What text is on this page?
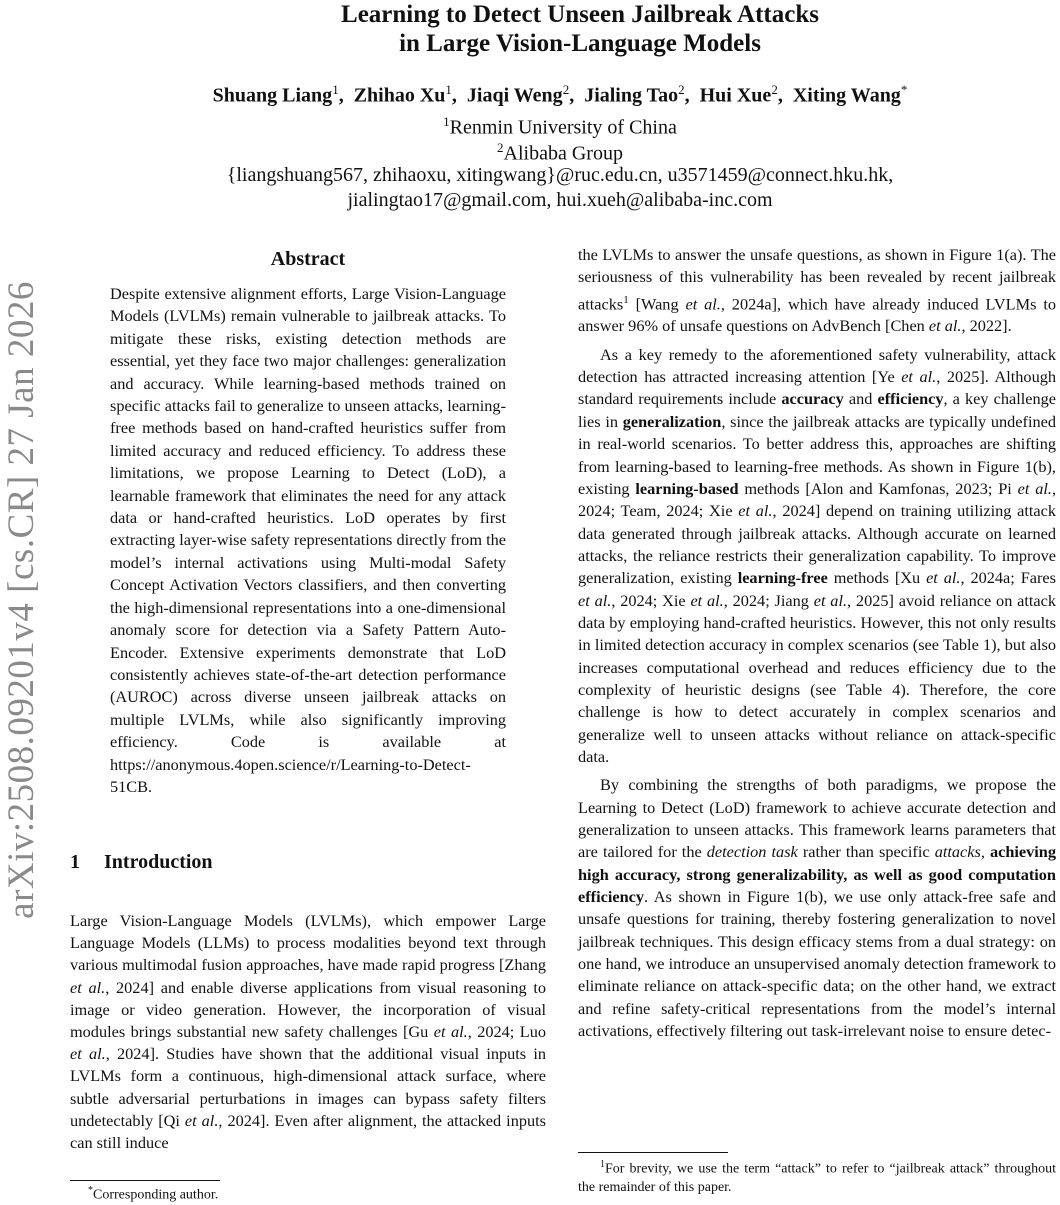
arXiv:2508.09201v4 [cs.CR] 27 Jan 2026
Learning to Detect Unseen Jailbreak Attacks
in Large Vision-Language Models
Shuang Liang$^1$,  Zhihao Xu$^1$,  Jiaqi Weng$^2$,  Jialing Tao$^2$,  Hui Xue$^2$,  Xiting Wang*
$^1$Renmin University of China
$^2$Alibaba Group
{liangshuang567, zhihaoxu, xitingwang}@ruc.edu.cn, u3571459@connect.hku.hk,
jialingtao17@gmail.com, hui.xueh@alibaba-inc.com
Abstract

Despite extensive alignment efforts, Large Vision-Language Models (LVLMs) remain vulnerable to jailbreak attacks. To mitigate these risks, existing detection methods are essential, yet they face two major challenges: generalization and accuracy. While learning-based methods trained on specific attacks fail to generalize to unseen attacks, learning-free methods based on hand-crafted heuristics suffer from limited accuracy and reduced efficiency. To address these limitations, we propose Learning to Detect (LoD), a learnable framework that eliminates the need for any attack data or hand-crafted heuristics. LoD operates by first extracting layer-wise safety representations directly from the model’s internal activations using Multi-modal Safety Concept Activation Vectors classifiers, and then converting the high-dimensional representations into a one-dimensional anomaly score for detection via a Safety Pattern Auto-Encoder. Extensive experiments demonstrate that LoD consistently achieves state-of-the-art detection performance (AUROC) across diverse unseen jailbreak attacks on multiple LVLMs, while also significantly improving efficiency. Code is available at https://anonymous.4open.science/r/Learning-to-Detect-51CB.

1 Introduction

Large Vision-Language Models (LVLMs), which empower Large Language Models (LLMs) to process modalities beyond text through various multimodal fusion approaches, have made rapid progress [Zhang et al., 2024] and enable diverse applications from visual reasoning to image or video generation. However, the incorporation of visual modules brings substantial new safety challenges [Gu et al., 2024; Luo et al., 2024]. Studies have shown that the additional visual inputs in LVLMs form a continuous, high-dimensional attack surface, where subtle adversarial perturbations in images can bypass safety filters undetectably [Qi et al., 2024]. Even after alignment, the attacked inputs can still induce

*Corresponding author.

the LVLMs to answer the unsafe questions, as shown in Figure 1(a). The seriousness of this vulnerability has been revealed by recent jailbreak attacks$^1$ [Wang et al., 2024a], which have already induced LVLMs to answer 96% of unsafe questions on AdvBench [Chen et al., 2022].

As a key remedy to the aforementioned safety vulnerability, attack detection has attracted increasing attention [Ye et al., 2025]. Although standard requirements include accuracy and efficiency, a key challenge lies in generalization, since the jailbreak attacks are typically undefined in real-world scenarios. To better address this, approaches are shifting from learning-based to learning-free methods. As shown in Figure 1(b), existing learning-based methods [Alon and Kamfonas, 2023; Pi et al., 2024; Team, 2024; Xie et al., 2024] depend on training utilizing attack data generated through jailbreak attacks. Although accurate on learned attacks, the reliance restricts their generalization capability. To improve generalization, existing learning-free methods [Xu et al., 2024a; Fares et al., 2024; Xie et al., 2024; Jiang et al., 2025] avoid reliance on attack data by employing hand-crafted heuristics. However, this not only results in limited detection accuracy in complex scenarios (see Table 1), but also increases computational overhead and reduces efficiency due to the complexity of heuristic designs (see Table 4). Therefore, the core challenge is how to detect accurately in complex scenarios and generalize well to unseen attacks without reliance on attack-specific data.

By combining the strengths of both paradigms, we propose the Learning to Detect (LoD) framework to achieve accurate detection and generalization to unseen attacks. This framework learns parameters that are tailored for the detection task rather than specific attacks, achieving high accuracy, strong generalizability, as well as good computation efficiency. As shown in Figure 1(b), we use only attack-free safe and unsafe questions for training, thereby fostering generalization to novel jailbreak techniques. This design efficacy stems from a dual strategy: on one hand, we introduce an unsupervised anomaly detection framework to eliminate reliance on attack-specific data; on the other hand, we extract and refine safety-critical representations from the model’s internal activations, effectively filtering out task-irrelevant noise to ensure detec-

$^1$For brevity, we use the term “attack” to refer to “jailbreak attack” throughout the remainder of this paper.
